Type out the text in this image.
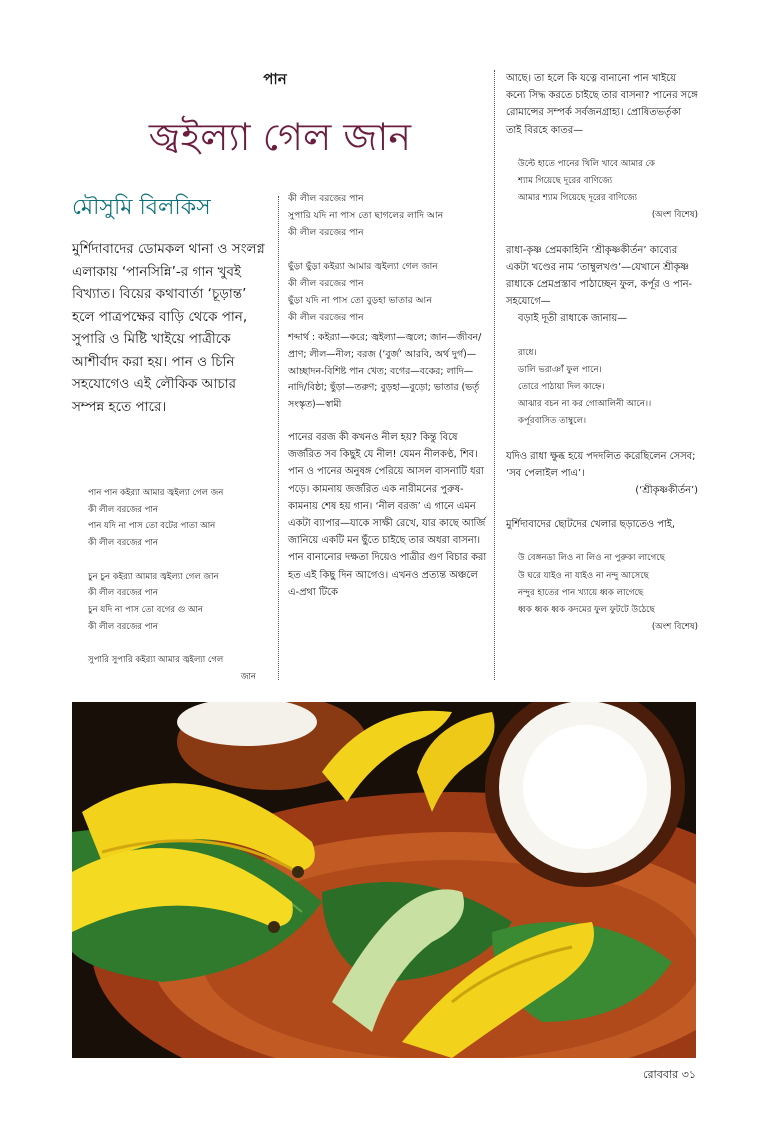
পান
জ্বইল্যা গেল জান
মৌসুমি বিলকিস
মুর্শিদাবাদের ডোমকল থানা ও সংলগ্ন এলাকায় ‘পানসিন্নি’-র গান খুবই বিখ্যাত। বিয়ের কথাবার্তা ‘চূড়ান্ত’ হলে পাত্রপক্ষের বাড়ি থেকে পান, সুপারি ও মিষ্টি খাইয়ে পাত্রীকে আশীর্বাদ করা হয়। পান ও চিনি সহযোগেও এই লৌকিক আচার সম্পন্ন হতে পারে।
পান পান কইর‍্যা আমার জ্বইল্যা গেল জন
কী লীল বরজের পান
পান যদি না পাস তো বটের পাতা আন
কী লীল বরজের পান
চুন চুন কইর‍্যা আমার জ্বইল্যা গেল জান
কী লীল বরজের পান
চুন যদি না পাস তো বগের গু আন
কী লীল বরজের পান
সুপারি সুপারি কইর‍্যা আমার জ্বইল্যা গেল
জান
কী লীল বরজের পান
সুপারি যদি না পাস তো ছাগলের লাদি আন
কী লীল বরজের পান
ছুঁড়া ছুঁড়া কইর‍্যা আমার জ্বইল্যা গেল জান
কী লীল বরজের পান
ছুঁড়া যদি না পাস তো বুড়হা ভাতার আন
কী লীল বরজের পান
শব্দার্থ : কইর‍্যা—করে; জ্বইল্যা—জ্বলে; জান—জীবন/প্রাণ; লীল—নীল; বরজ (‘বুর্জ’ আরবি, অর্থ দুর্গ)—আচ্ছাদন-বিশিষ্ট পান খেত; বগের—বকের; লাদি—নাদি/বিষ্ঠা; ছুঁড়া—তরুণ; বুড়হা—বুড়ো; ভাতার (ভর্তৃ সংস্কৃত)—স্বামী
পানের বরজ কী কখনও নীল হয়? কিন্তু বিষে জর্জরিত সব কিছুই যে নীল! যেমন নীলকণ্ঠ, শিব। পান ও পানের অনুষঙ্গ পেরিয়ে আসল বাসনাটি ধরা পড়ে। কামনায় জর্জরিত এক নারীমনের পুরুষ-কামনায় শেষ হয় গান। ‘নীল বরজ’ এ গানে এমন একটা ব্যাপার—যাকে সাক্ষী রেখে, যার কাছে আর্জি জানিয়ে একটি মন ছুঁতে চাইছে তার অধরা বাসনা। পান বানানোর দক্ষতা দিয়েও পাত্রীর গুণ বিচার করা হত এই কিছু দিন আগেও। এখনও প্রত্যন্ত অঞ্চলে এ-প্রথা টিকে
আছে। তা হলে কি যত্নে বানানো পান খাইয়ে কন্যে সিদ্ধ করতে চাইছে তার বাসনা? পানের সঙ্গে রোমান্সের সম্পর্ক সর্বজনগ্রাহ্য। প্রোষিতভর্তৃকা তাই বিরহে কাতর—
উল্টে হাতে পানের খিলি খাবে আমার কে
শ্যাম গিয়েছে দূরের বাণিজ্যে
আমার শ্যাম গিয়েছে দূরের বাণিজ্যে
(অংশ বিশেষ)
রাধা-কৃষ্ণ প্রেমকাহিনি ‘শ্রীকৃষ্ণকীর্তন’ কাব্যের একটা খণ্ডের নাম ‘তাম্বুলখণ্ড’—যেখানে শ্রীকৃষ্ণ রাধাকে প্রেমপ্রস্তাব পাঠাচ্ছেন ফুল, কর্পূর ও পান-সহযোগে—
বড়াই দূতী রাধাকে জানায়—
রাধে।
ডালি ভরাঞাঁ ফুল পানে।
তোরে পাঠায়া দিল কাহ্নে।
আঝার বচন না কর গোআলিনী আনে।।
কর্পূরবাসিত তাম্বুলে।
যদিও রাধা ক্ষুব্ধ হয়ে পদদলিত করেছিলেন সেসব; ‘সব পেলাইল পাএ’।
(‘শ্রীকৃষ্ণকীর্তন’)
মুর্শিদাবাদের ছোটদের খেলার ছড়াতেও পাই,
উ বেঙ্গনডা লিও না লিও না পুরুকা লাগেছে
উ ঘরে যাইও না যাইও না নন্দু আসেছে
নন্দুর হাতের পান খ্যায়ে ধ্বক লাগেছে
ধ্বক ধ্বক ধ্বক কদমের ফুল ফুটটে উঠেছে
(অংশ বিশেষ)
রোববার ৩১
